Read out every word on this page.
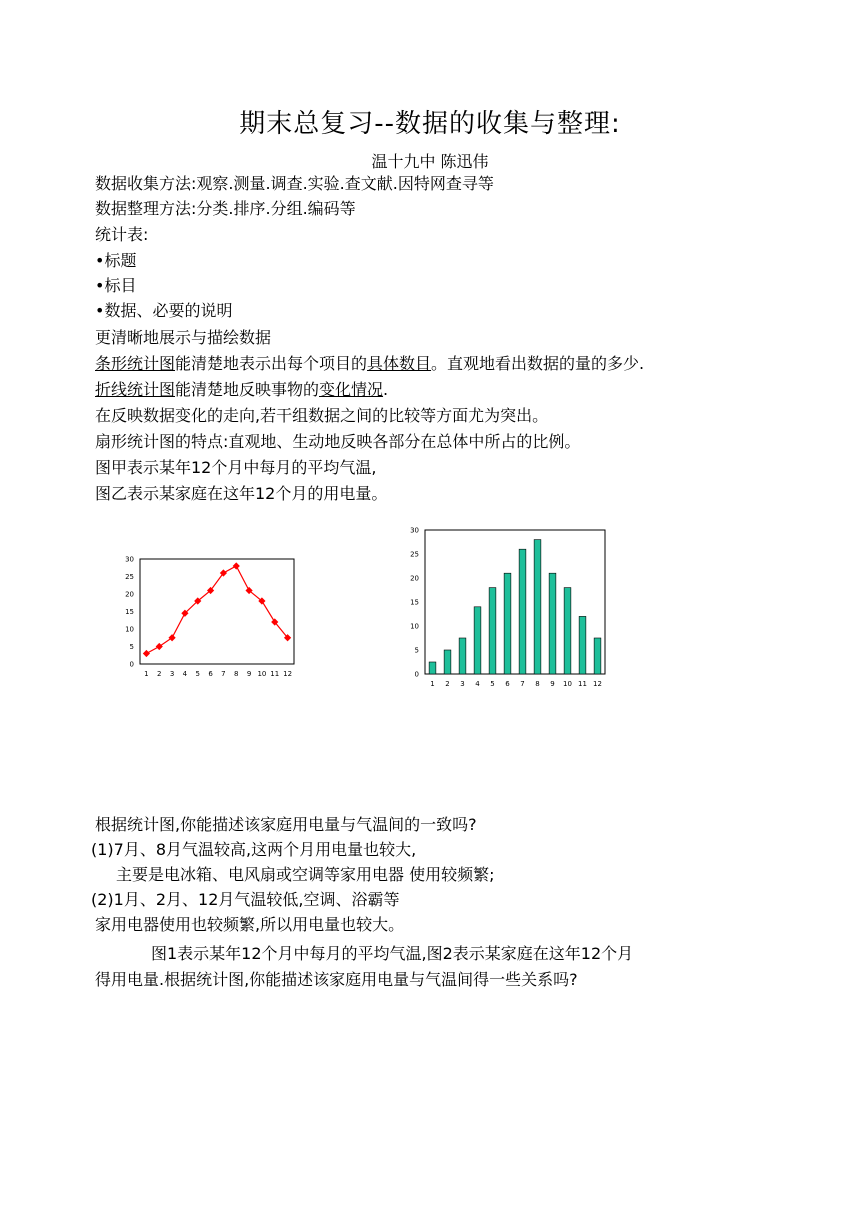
期末总复习--数据的收集与整理:
温十九中 陈迅伟
数据收集方法:观察.测量.调查.实验.查文献.因特网查寻等
数据整理方法:分类.排序.分组.编码等
统计表:
•标题
•标目
•数据、必要的说明
更清晰地展示与描绘数据
条形统计图能清楚地表示出每个项目的具体数目。直观地看出数据的量的多少.
折线统计图能清楚地反映事物的变化情况.
在反映数据变化的走向,若干组数据之间的比较等方面尤为突出。
扇形统计图的特点:直观地、生动地反映各部分在总体中所占的比例。
图甲表示某年12个月中每月的平均气温,
图乙表示某家庭在这年12个月的用电量。
0
5
10
15
20
25
30
1 2 3 4 5 6 7 8 9 10 11 12	0
5
10
15
20
25
30
1 2 3 4 5 6 7 8 9 10 11 12
根据统计图,你能描述该家庭用电量与气温间的一致吗?
(1)7月、8月气温较高,这两个月用电量也较大,
主要是电冰箱、电风扇或空调等家用电器 使用较频繁;
(2)1月、2月、12月气温较低,空调、浴霸等
家用电器使用也较频繁,所以用电量也较大。
图1表示某年12个月中每月的平均气温,图2表示某家庭在这年12个月
得用电量.根据统计图,你能描述该家庭用电量与气温间得一些关系吗?
